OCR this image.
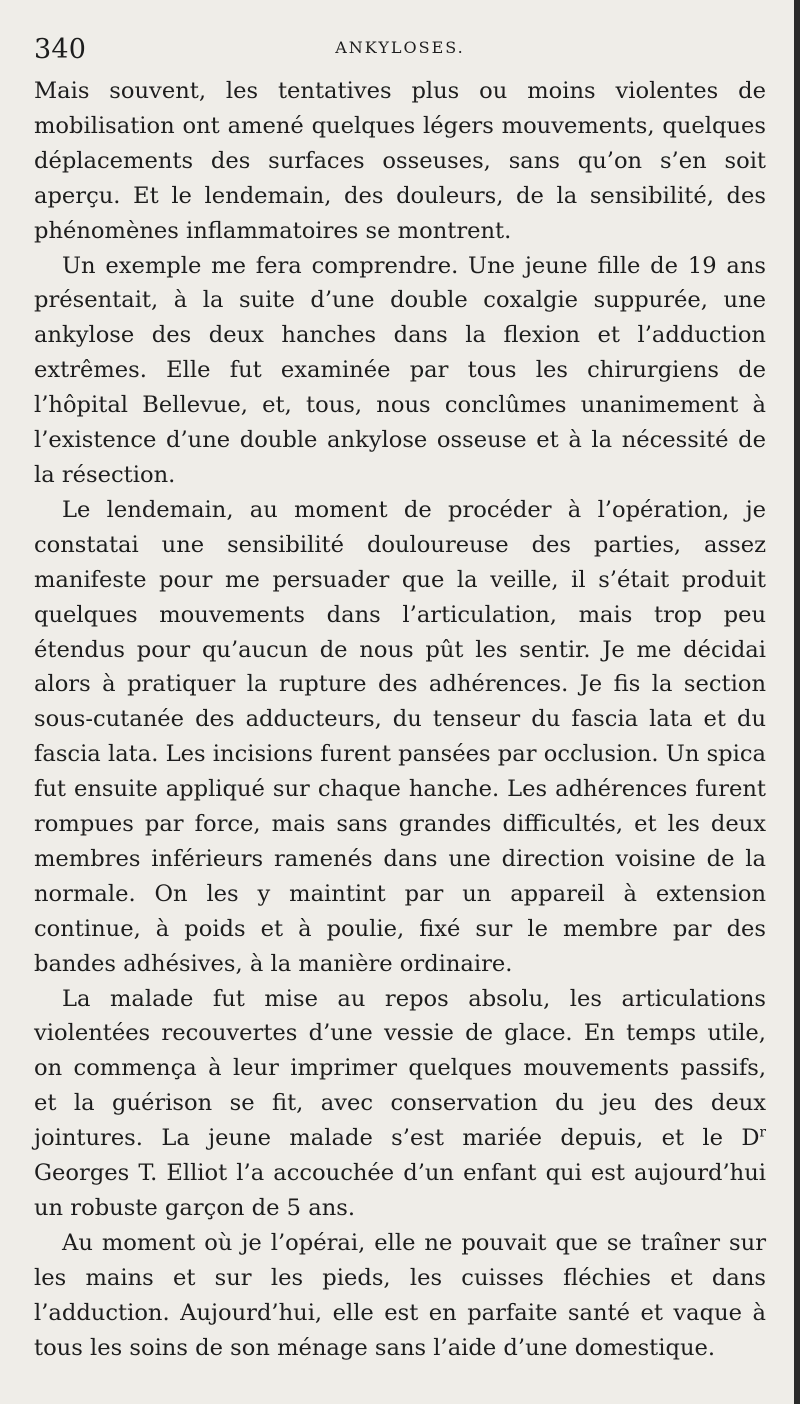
340	ANKYLOSES.

Mais souvent, les tentatives plus ou moins violentes de mobilisation ont amené quelques légers mouvements, quelques déplacements des surfaces osseuses, sans qu’on s’en soit aperçu. Et le lendemain, des douleurs, de la sensibilité, des phénomènes inflammatoires se montrent.

Un exemple me fera comprendre. Une jeune fille de 19 ans présentait, à la suite d’une double coxalgie suppurée, une ankylose des deux hanches dans la flexion et l’adduction extrêmes. Elle fut examinée par tous les chirurgiens de l’hôpital Bellevue, et, tous, nous conclûmes unanimement à l’existence d’une double ankylose osseuse et à la nécessité de la résection.

Le lendemain, au moment de procéder à l’opération, je constatai une sensibilité douloureuse des parties, assez manifeste pour me persuader que la veille, il s’était produit quelques mouvements dans l’articulation, mais trop peu étendus pour qu’aucun de nous pût les sentir. Je me décidai alors à pratiquer la rupture des adhérences. Je fis la section sous-cutanée des adducteurs, du tenseur du fascia lata et du fascia lata. Les incisions furent pansées par occlusion. Un spica fut ensuite appliqué sur chaque hanche. Les adhérences furent rompues par force, mais sans grandes difficultés, et les deux membres inférieurs ramenés dans une direction voisine de la normale. On les y maintint par un appareil à extension continue, à poids et à poulie, fixé sur le membre par des bandes adhésives, à la manière ordinaire.

La malade fut mise au repos absolu, les articulations violentées recouvertes d’une vessie de glace. En temps utile, on commença à leur imprimer quelques mouvements passifs, et la guérison se fit, avec conservation du jeu des deux jointures. La jeune malade s’est mariée depuis, et le $D^r$ Georges T. Elliot l’a accouchée d’un enfant qui est aujourd’hui un robuste garçon de 5 ans.

Au moment où je l’opérai, elle ne pouvait que se traîner sur les mains et sur les pieds, les cuisses fléchies et dans l’adduction. Aujourd’hui, elle est en parfaite santé et vaque à tous les soins de son ménage sans l’aide d’une domestique.
